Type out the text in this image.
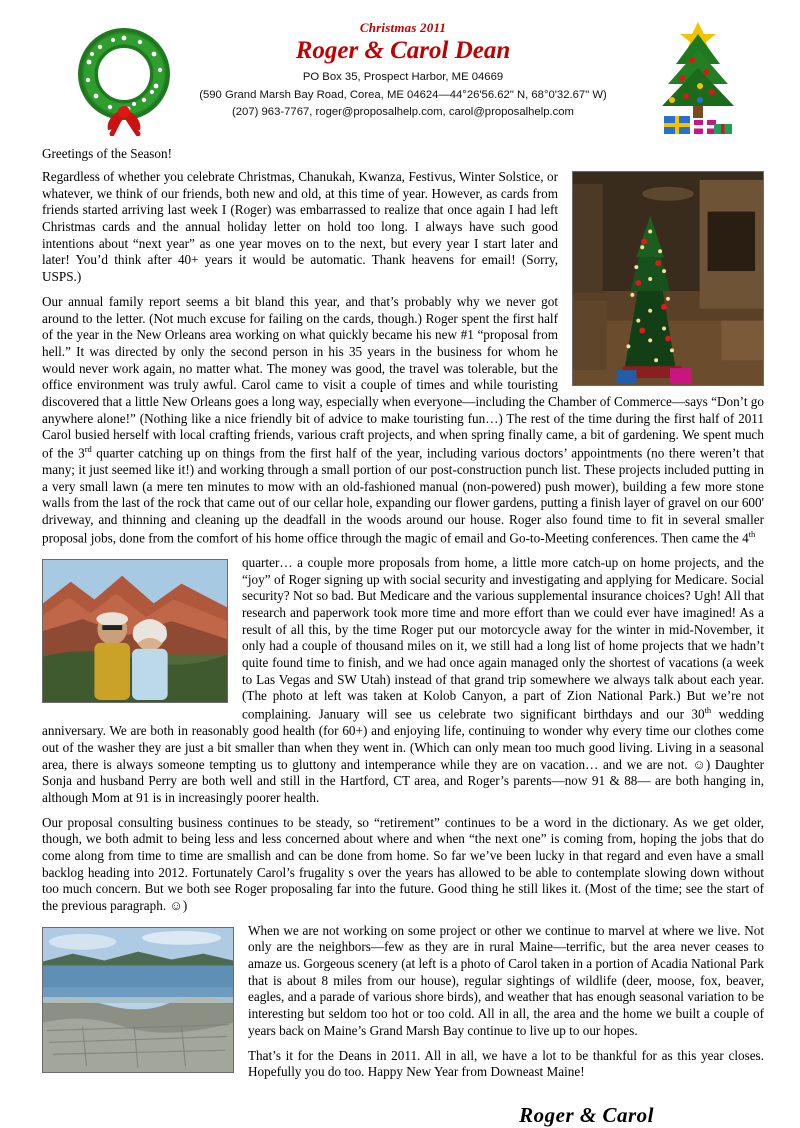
Christmas 2011
Roger & Carol Dean
PO Box 35, Prospect Harbor, ME 04669
(590 Grand Marsh Bay Road, Corea, ME 04624—44°26'56.62" N, 68°0'32.67" W)
(207) 963-7767, roger@proposalhelp.com, carol@proposalhelp.com
Greetings of the Season!

Regardless of whether you celebrate Christmas, Chanukah, Kwanza, Festivus, Winter Solstice, or whatever, we think of our friends, both new and old, at this time of year. However, as cards from friends started arriving last week I (Roger) was embarrassed to realize that once again I had left Christmas cards and the annual holiday letter on hold too long. I always have such good intentions about “next year” as one year moves on to the next, but every year I start later and later! You’d think after 40+ years it would be automatic. Thank heavens for email! (Sorry, USPS.)

Our annual family report seems a bit bland this year, and that’s probably why we never got around to the letter. (Not much excuse for failing on the cards, though.) Roger spent the first half of the year in the New Orleans area working on what quickly became his new #1 “proposal from hell.” It was directed by only the second person in his 35 years in the business for whom he would never work again, no matter what. The money was good, the travel was tolerable, but the office environment was truly awful. Carol came to visit a couple of times and while touristing discovered that a little New Orleans goes a long way, especially when everyone—including the Chamber of Commerce—says “Don’t go anywhere alone!” (Nothing like a nice friendly bit of advice to make touristing fun…) The rest of the time during the first half of 2011 Carol busied herself with local crafting friends, various craft projects, and when spring finally came, a bit of gardening. We spent much of the 3rd quarter catching up on things from the first half of the year, including various doctors’ appointments (no there weren’t that many; it just seemed like it!) and working through a small portion of our post-construction punch list. These projects included putting in a very small lawn (a mere ten minutes to mow with an old-fashioned manual (non-powered) push mower), building a few more stone walls from the last of the rock that came out of our cellar hole, expanding our flower gardens, putting a finish layer of gravel on our 600' driveway, and thinning and cleaning up the deadfall in the woods around our house. Roger also found time to fit in several smaller proposal jobs, done from the comfort of his home office through the magic of email and Go-to-Meeting conferences. Then came the 4th

quarter… a couple more proposals from home, a little more catch-up on home projects, and the “joy” of Roger signing up with social security and investigating and applying for Medicare. Social security? Not so bad. But Medicare and the various supplemental insurance choices? Ugh! All that research and paperwork took more time and more effort than we could ever have imagined! As a result of all this, by the time Roger put our motorcycle away for the winter in mid-November, it only had a couple of thousand miles on it, we still had a long list of home projects that we hadn’t quite found time to finish, and we had once again managed only the shortest of vacations (a week to Las Vegas and SW Utah) instead of that grand trip somewhere we always talk about each year. (The photo at left was taken at Kolob Canyon, a part of Zion National Park.) But we’re not complaining. January will see us celebrate two significant birthdays and our 30th wedding anniversary. We are both in reasonably good health (for 60+) and enjoying life, continuing to wonder why every time our clothes come out of the washer they are just a bit smaller than when they went in. (Which can only mean too much good living. Living in a seasonal area, there is always someone tempting us to gluttony and intemperance while they are on vacation… and we are not. ☺) Daughter Sonja and husband Perry are both well and still in the Hartford, CT area, and Roger’s parents—now 91 & 88— are both hanging in, although Mom at 91 is in increasingly poorer health.

Our proposal consulting business continues to be steady, so “retirement” continues to be a word in the dictionary. As we get older, though, we both admit to being less and less concerned about where and when “the next one” is coming from, hoping the jobs that do come along from time to time are smallish and can be done from home. So far we’ve been lucky in that regard and even have a small backlog heading into 2012. Fortunately Carol’s frugality s over the years has allowed to be able to contemplate slowing down without too much concern. But we both see Roger proposaling far into the future. Good thing he still likes it. (Most of the time; see the start of the previous paragraph. ☺)

When we are not working on some project or other we continue to marvel at where we live. Not only are the neighbors—few as they are in rural Maine—terrific, but the area never ceases to amaze us. Gorgeous scenery (at left is a photo of Carol taken in a portion of Acadia National Park that is about 8 miles from our house), regular sightings of wildlife (deer, moose, fox, beaver, eagles, and a parade of various shore birds), and weather that has enough seasonal variation to be interesting but seldom too hot or too cold. All in all, the area and the home we built a couple of years back on Maine’s Grand Marsh Bay continue to live up to our hopes.

That’s it for the Deans in 2011. All in all, we have a lot to be thankful for as this year closes. Hopefully you do too. Happy New Year from Downeast Maine!

Roger & Carol
